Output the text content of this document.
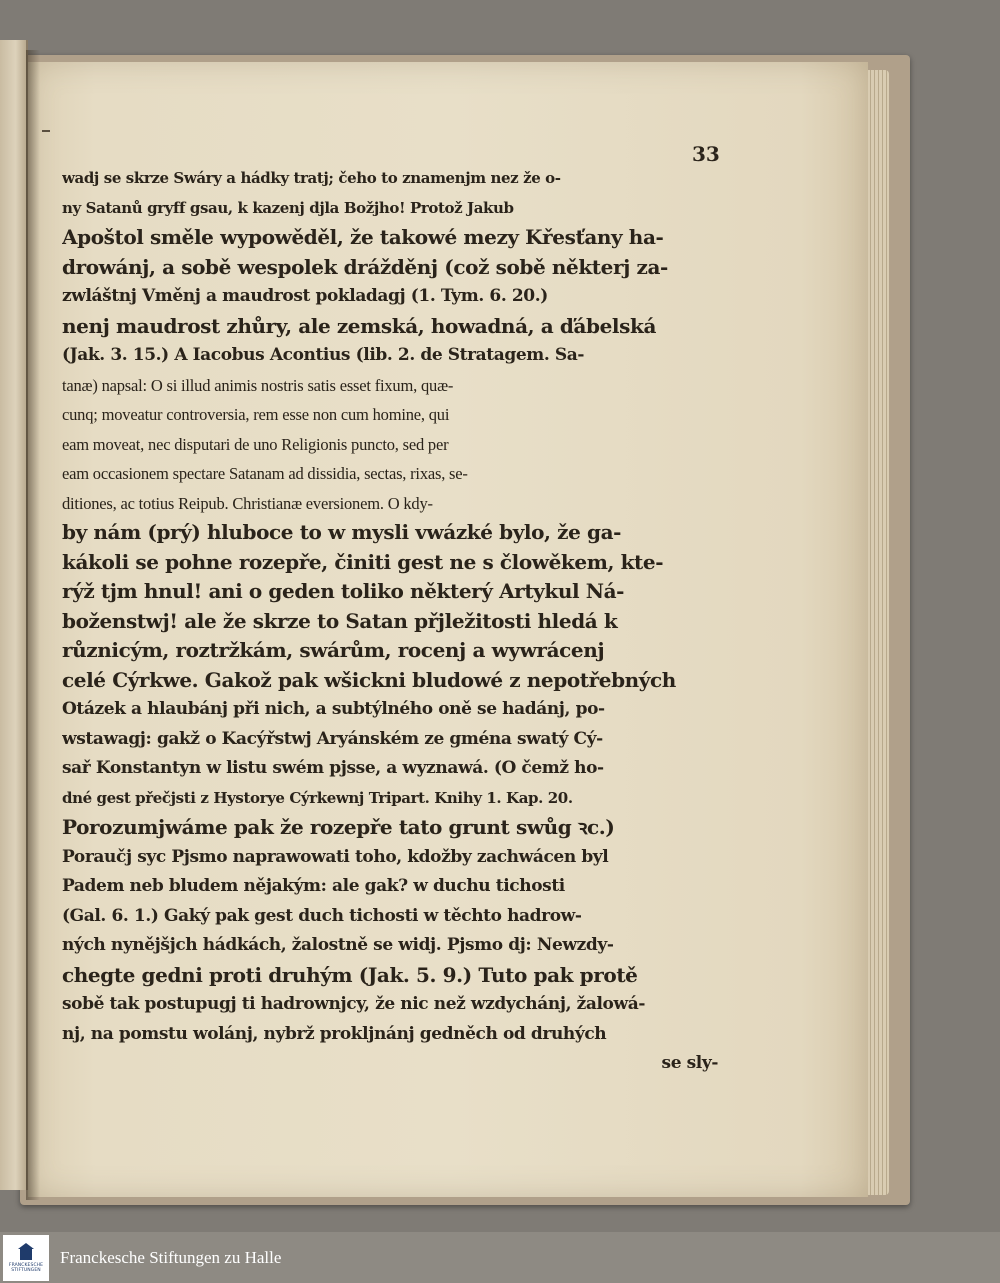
33
wadj se skrze Swáry a hádky tratj; čeho to znamenjm nez že o-
ny Satanů gryff gsau, k kazenj djla Božjho! Protož Jakub
Apoštol směle wypowěděl, že takowé mezy Křesťany ha-
drowánj, a sobě wespolek drážděnj (což sobě některj za-
zwláštnj Vměnj a maudrost pokladagj (1. Tym. 6. 20.)
nenj maudrost zhůry, ale zemská, howadná, a ďábelská
(Jak. 3. 15.) A Iacobus Acontius (lib. 2. de Stratagem. Sa-
tanæ) napsal: O si illud animis nostris satis esset fixum, quæ-
cunq; moveatur controversia, rem esse non cum homine, qui
eam moveat, nec disputari de uno Religionis puncto, sed per
eam occasionem spectare Satanam ad dissidia, sectas, rixas, se-
ditiones, ac totius Reipub. Christianæ eversionem. O kdy-
by nám (prý) hluboce to w mysli vwázké bylo, že ga-
kákoli se pohne rozepře, činiti gest ne s člowěkem, kte-
rýž tjm hnul! ani o geden toliko některý Artykul Ná-
boženstwj! ale že skrze to Satan přjležitosti hledá k
různicým, roztržkám, swárům, rocenj a wywrácenj
celé Cýrkwe. Gakož pak wšickni bludowé z nepotřebných
Otázek a hlaubánj při nich, a subtýlného oně se hadánj, po-
wstawagj: gakž o Kacýřstwj Aryánském ze gména swatý Cý-
sař Konstantyn w listu swém pjsse, a wyznawá. (O čemž ho-
dné gest přečjsti z Hystorye Cýrkewnj Tripart. Knihy 1. Kap. 20.
Porozumjwáme pak že rozepře tato grunt swůg ꝛc.)
Poraučj syc Pjsmo naprawowati toho, kdožby zachwácen byl
Padem neb bludem nějakým: ale gak? w duchu tichosti
(Gal. 6. 1.) Gaký pak gest duch tichosti w těchto hadrow-
ných nynějšjch hádkách, žalostně se widj. Pjsmo dj: Newzdy-
chegte gedni proti druhým (Jak. 5. 9.) Tuto pak protě
sobě tak postupugj ti hadrownjcy, že nic než wzdychánj, žalowá-
nj, na pomstu wolánj, nybrž prokljnánj gedněch od druhých
se sly-
FRANCKESCHE STIFTUNGEN
Franckesche Stiftungen zu Halle
